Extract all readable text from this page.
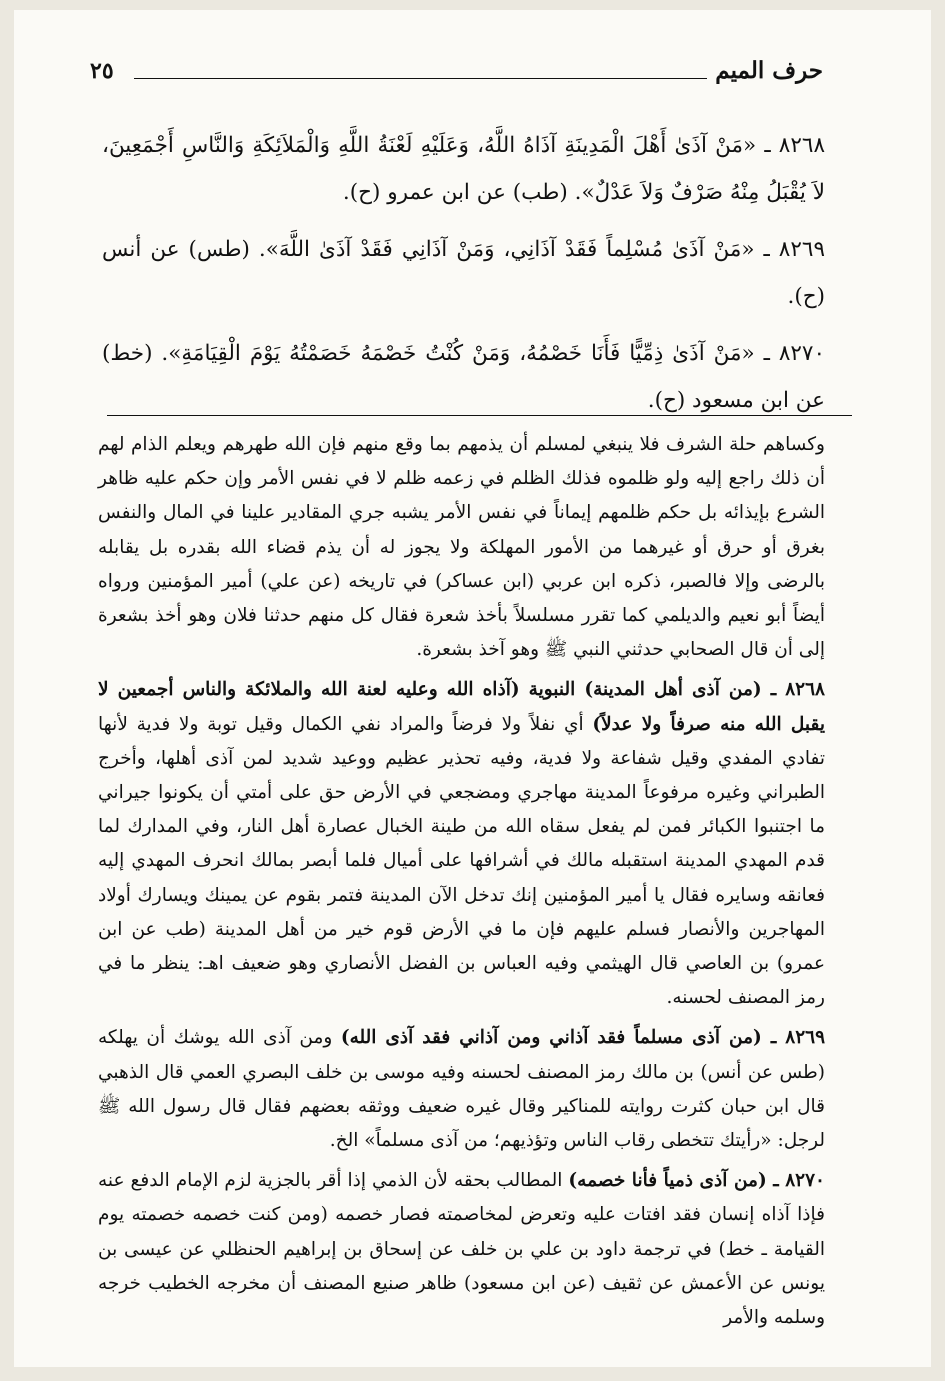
حرف الميم
٢٥

٨٢٦٨ ـ «مَنْ آذَىٰ أَهْلَ الْمَدِينَةِ آذَاهُ اللَّهُ، وَعَلَيْهِ لَعْنَةُ اللَّهِ وَالْمَلاَئِكَةِ وَالنَّاسِ أَجْمَعِينَ، لاَ يُقْبَلُ مِنْهُ صَرْفٌ وَلاَ عَدْلٌ». (طب) عن ابن عمرو (ح).

٨٢٦٩ ـ «مَنْ آذَىٰ مُسْلِماً فَقَدْ آذَانِي، وَمَنْ آذَانِي فَقَدْ آذَىٰ اللَّهَ». (طس) عن أنس (ح).

٨٢٧٠ ـ «مَنْ آذَىٰ ذِمِّيًّا فَأَنَا خَصْمُهُ، وَمَنْ كُنْتُ خَصْمَهُ خَصَمْتُهُ يَوْمَ الْقِيَامَةِ». (خط) عن ابن مسعود (ح).

وكساهم حلة الشرف فلا ينبغي لمسلم أن يذمهم بما وقع منهم فإن الله طهرهم ويعلم الذام لهم أن ذلك راجع إليه ولو ظلموه فذلك الظلم في زعمه ظلم لا في نفس الأمر وإن حكم عليه ظاهر الشرع بإيذائه بل حكم ظلمهم إيماناً في نفس الأمر يشبه جري المقادير علينا في المال والنفس بغرق أو حرق أو غيرهما من الأمور المهلكة ولا يجوز له أن يذم قضاء الله بقدره بل يقابله بالرضى وإلا فالصبر، ذكره ابن عربي (ابن عساكر) في تاريخه (عن علي) أمير المؤمنين ورواه أيضاً أبو نعيم والديلمي كما تقرر مسلسلاً بأخذ شعرة فقال كل منهم حدثنا فلان وهو أخذ بشعرة إلى أن قال الصحابي حدثني النبي ﷺ وهو آخذ بشعرة.

٨٢٦٨ ـ (من آذى أهل المدينة) النبوية (آذاه الله وعليه لعنة الله والملائكة والناس أجمعين لا يقبل الله منه صرفاً ولا عدلاً) أي نفلاً ولا فرضاً والمراد نفي الكمال وقيل توبة ولا فدية لأنها تفادي المفدي وقيل شفاعة ولا فدية، وفيه تحذير عظيم ووعيد شديد لمن آذى أهلها، وأخرج الطبراني وغيره مرفوعاً المدينة مهاجري ومضجعي في الأرض حق على أمتي أن يكونوا جيراني ما اجتنبوا الكبائر فمن لم يفعل سقاه الله من طينة الخبال عصارة أهل النار، وفي المدارك لما قدم المهدي المدينة استقبله مالك في أشرافها على أميال فلما أبصر بمالك انحرف المهدي إليه فعانقه وسايره فقال يا أمير المؤمنين إنك تدخل الآن المدينة فتمر بقوم عن يمينك ويسارك أولاد المهاجرين والأنصار فسلم عليهم فإن ما في الأرض قوم خير من أهل المدينة (طب عن ابن عمرو) بن العاصي قال الهيثمي وفيه العباس بن الفضل الأنصاري وهو ضعيف اهـ: ينظر ما في رمز المصنف لحسنه.

٨٢٦٩ ـ (من آذى مسلماً فقد آذاني ومن آذاني فقد آذى الله) ومن آذى الله يوشك أن يهلكه (طس عن أنس) بن مالك رمز المصنف لحسنه وفيه موسى بن خلف البصري العمي قال الذهبي قال ابن حبان كثرت روايته للمناكير وقال غيره ضعيف ووثقه بعضهم فقال قال رسول الله ﷺ لرجل: «رأيتك تتخطى رقاب الناس وتؤذيهم؛ من آذى مسلماً» الخ.

٨٢٧٠ ـ (من آذى ذمياً فأنا خصمه) المطالب بحقه لأن الذمي إذا أقر بالجزية لزم الإمام الدفع عنه فإذا آذاه إنسان فقد افتات عليه وتعرض لمخاصمته فصار خصمه (ومن كنت خصمه خصمته يوم القيامة ـ خط) في ترجمة داود بن علي بن خلف عن إسحاق بن إبراهيم الحنظلي عن عيسى بن يونس عن الأعمش عن ثقيف (عن ابن مسعود) ظاهر صنيع المصنف أن مخرجه الخطيب خرجه وسلمه والأمر
